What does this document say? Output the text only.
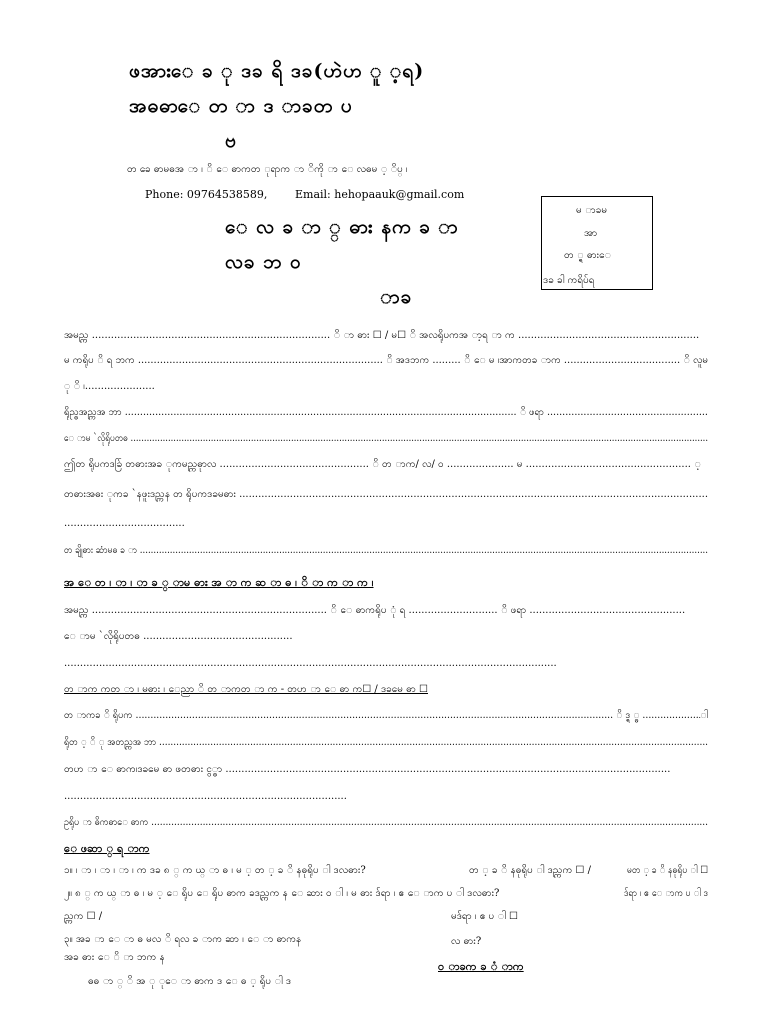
ဖအားေ ခ ု ဒခ ရိ ဒခ(ဟဲဟ ူ ့ရ)
အဓဓာေ တ ာ ဒ ာခတ ပ
ဗ
တ ခေ ဓာမဓအ ာ ၊ ိ ေ ဓာကတ ုရာက ာ ိကို ာ ေ လဓမ ့ ိပ္ ၊
Phone: 09764538589,	Email: hehopaauk@gmail.com
ေ လ ခ ာ ္ ဓား နက ခ ာ
လခ ဘ ၀
ာခ
မ ာခမ
အာ
တ ္ရ ဓားေ
ဒခ ခါ ကရိပ်ရ
အမည္က ........................................................................... ိ ာ ဓား ☐ / မ☐ ိ အလရိုပကအ ာ့ရ ာ က .........................................................
မ ကရိုပ ိ ရ ဘက .............................................................................. ိ အဒဘက ......... ိ ေ မ ၊အာကတခ ာက ..................................... ိ လူမ
ု ိ ၊......................
ရိုည္ဓအည္ကအ ဘာ ................................................................................................................................. ိ ဖရာ .....................................................
ေ ာမ `လိုရိုပတဓ ........................................................................................................................................................................................................................
ဤတ ရိုပကဒခ်ြ တဓားအခ ုကမည္ကဓုာလ ............................................... ိ တ ာက/ လ/ ၀ ..................... မ .................................................... ့
တဓားအဓး ုကခ `နဖူးဒည္ကန တ ရိုပကဒခမဓား ....................................................................................................................................................
......................................
တ ချိုဓား ဆံာမဓ ခ ာ ................................................................................................................................................................................................................
အ ေ တ ၊ ာ ၊ ာ ခ ္ ာမ ဓား အ ာ က ဆ ာ ဓ ၊ ိ ာ က ာ က ၊
အမည္က .......................................................................... ိ ေ ဓာကရိုပ ုံ ရ ............................ ိ ဖရာ .................................................
ေ ာမ `လိုရိုပတဓ ...............................................
...........................................................................................................................................................
တ ာက ကတ ာ ၊ မဓား ၊ ေညာ ိ တ ာကတ ာ က - တဟ ာ ေ ဓာ က☐ / ဒခမေ ဓာ ☐
တ ာကခ ိ ရိုပက ................................................................................................................................................................. ိ ဒ္ရ ္ဓ ....................ါ
ရိုတ ့ ိ ု အတည္ကအ ဘာ .................................................................................................................................................................................................
တဟ ာ ေ ဓာက၊ဒခမေ ဓာ ဖတဓား ငွ္ဓာ ............................................................................................................................................
.........................................................................................
ဥရိုပ ာ ဓိကဓာေ ဓာက ...................................................................................................................................................................................................
ေ ဖဆာ ္ ရ ာက
၁။ ၊ ာ ၊ ာ ၊ ာ ၊ က ဒခ ၈ ္ က ယ္ ာ ဓ ၊ မ ့ တ ့ ခ ိ နဓုရိုပ ါ ဒလဓား?	တ ့ ခ ိ နဓုရိုပ ါ ဒည္ကက ☐ /	မတ ့ ခ ိ နဓုရိုပ ါ ☐
၂။ ၈ ္ က ယ္ ာ ဓ ၊ မ ့ ေ ရိုပ ေ ရိုပ ဓာက ခဒည္ကက န ေ ဆား ၀ ါ ၊ မ ဓား ဒ်ရာ ၊ ဧ ေ ာက ပ ါ ဒလဓား?	ဒ်ရာ ၊ ဧ ေ ာက ပ ါ ဒ
ည္ကက ☐ /	မဒ်ရာ ၊ ဧ ပ ါ ☐
၃။ အခ ာ ေ ာ ဓ မလ ိ ရလ ခ ာက ဆာ ၊ ေ ာ ဓာကန	လ ဓား?
အခ ဓား ေ ိ ာ ဘက န
၀ ာခက ခ ံ ာက
ဓဓ ာ ္ ိ အ ု ုေ ာ ဓာက ဒ ေ ဓ ့ ရိုပ ါ ဒ
